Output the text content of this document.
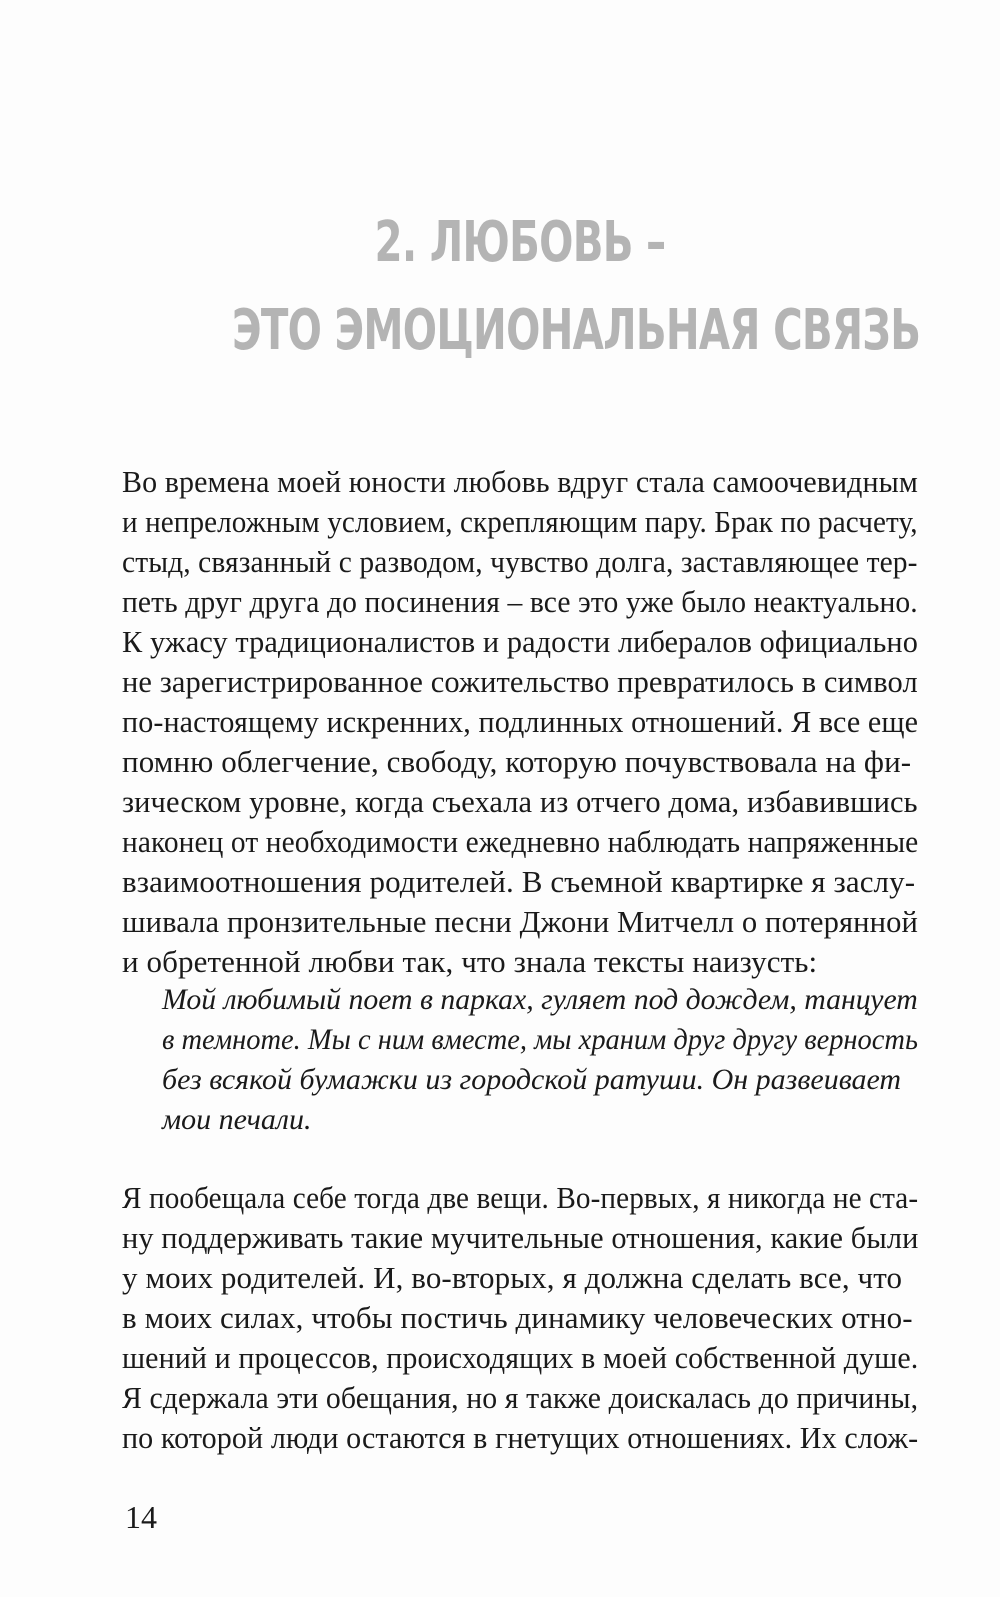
2. ЛЮБОВЬ –
ЭТО ЭМОЦИОНАЛЬНАЯ СВЯЗЬ
Во времена моей юности любовь вдруг стала самоочевидным
и непреложным условием, скрепляющим пару. Брак по расчету,
стыд, связанный с разводом, чувство долга, заставляющее тер-
петь друг друга до посинения – все это уже было неактуально.
К ужасу традиционалистов и радости либералов официально
не зарегистрированное сожительство превратилось в символ
по-настоящему искренних, подлинных отношений. Я все еще
помню облегчение, свободу, которую почувствовала на фи-
зическом уровне, когда съехала из отчего дома, избавившись
наконец от необходимости ежедневно наблюдать напряженные
взаимоотношения родителей. В съемной квартирке я заслу-
шивала пронзительные песни Джони Митчелл о потерянной
и обретенной любви так, что знала тексты наизусть:
Мой любимый поет в парках, гуляет под дождем, танцует
в темноте. Мы с ним вместе, мы храним друг другу верность
без всякой бумажки из городской ратуши. Он развеивает
мои печали.
Я пообещала себе тогда две вещи. Во-первых, я никогда не ста-
ну поддерживать такие мучительные отношения, какие были
у моих родителей. И, во-вторых, я должна сделать все, что
в моих силах, чтобы постичь динамику человеческих отно-
шений и процессов, происходящих в моей собственной душе.
Я сдержала эти обещания, но я также доискалась до причины,
по которой люди остаются в гнетущих отношениях. Их слож-
14
